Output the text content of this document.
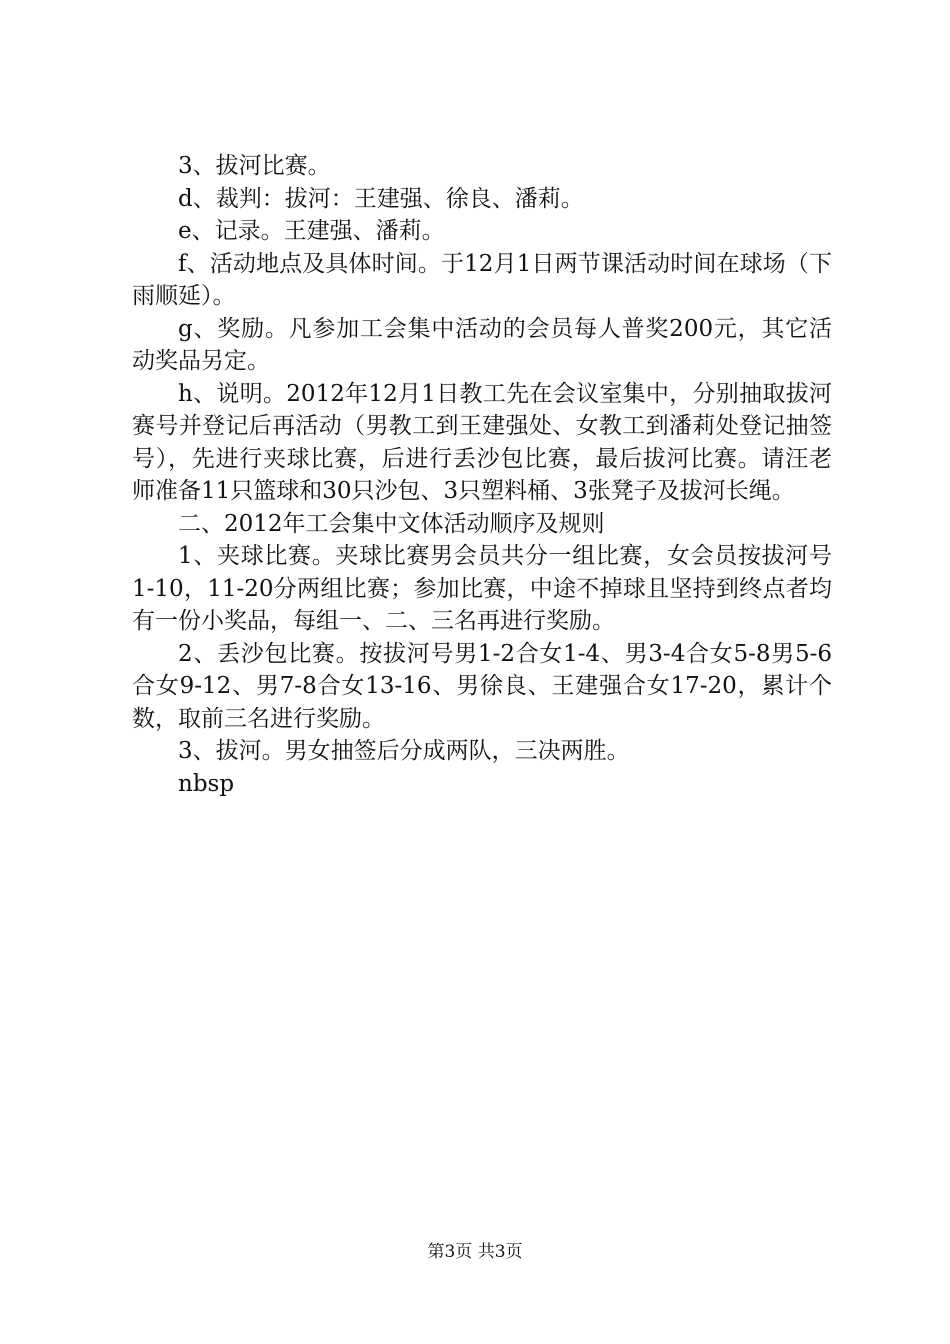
3、拔河比赛。

d、裁判：拔河：王建强、徐良、潘莉。

e、记录。王建强、潘莉。

f、活动地点及具体时间。于12月1日两节课活动时间在球场（下雨顺延）。

g、奖励。凡参加工会集中活动的会员每人普奖200元，其它活动奖品另定。

h、说明。2012年12月1日教工先在会议室集中，分别抽取拔河赛号并登记后再活动（男教工到王建强处、女教工到潘莉处登记抽签号），先进行夹球比赛，后进行丢沙包比赛，最后拔河比赛。请汪老师准备11只篮球和30只沙包、3只塑料桶、3张凳子及拔河长绳。

二、2012年工会集中文体活动顺序及规则

1、夹球比赛。夹球比赛男会员共分一组比赛，女会员按拔河号1-10，11-20分两组比赛；参加比赛，中途不掉球且坚持到终点者均有一份小奖品，每组一、二、三名再进行奖励。

2、丢沙包比赛。按拔河号男1-2合女1-4、男3-4合女5-8男5-6合女9-12、男7-8合女13-16、男徐良、王建强合女17-20，累计个数，取前三名进行奖励。

3、拔河。男女抽签后分成两队，三决两胜。

nbsp

第3页 共3页
